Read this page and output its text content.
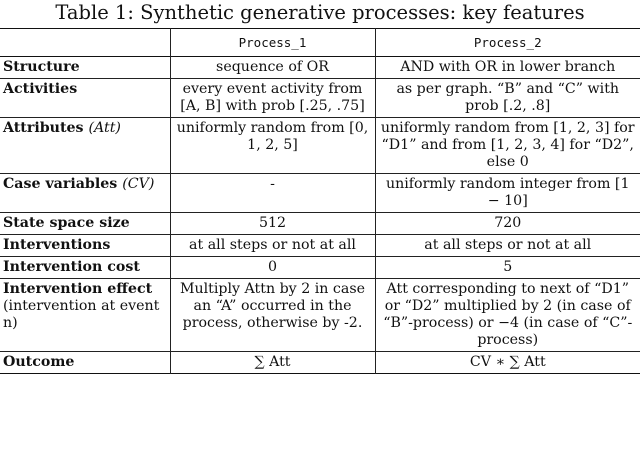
Table 1: Synthetic generative processes: key features
	Process_1	Process_2
Structure	sequence of OR	AND with OR in lower branch
Activities	every event activity from [A, B] with prob [.25, .75]	as per graph. “B” and “C” with prob [.2, .8]
Attributes (Att)	uniformly random from [0, 1, 2, 5]	uniformly random from [1, 2, 3] for “D1” and from [1, 2, 3, 4] for “D2”, else 0
Case variables (CV)	-	uniformly random integer from [1 − 10]
State space size	512	720
Interventions	at all steps or not at all	at all steps or not at all
Intervention cost	0	5
Intervention effect (intervention at event n)	Multiply Attn by 2 in case an “A” occurred in the process, otherwise by -2.	Att corresponding to next of “D1” or “D2” multiplied by 2 (in case of “B”-process) or −4 (in case of “C”-process)
Outcome	∑ Att	CV ∗ ∑ Att
